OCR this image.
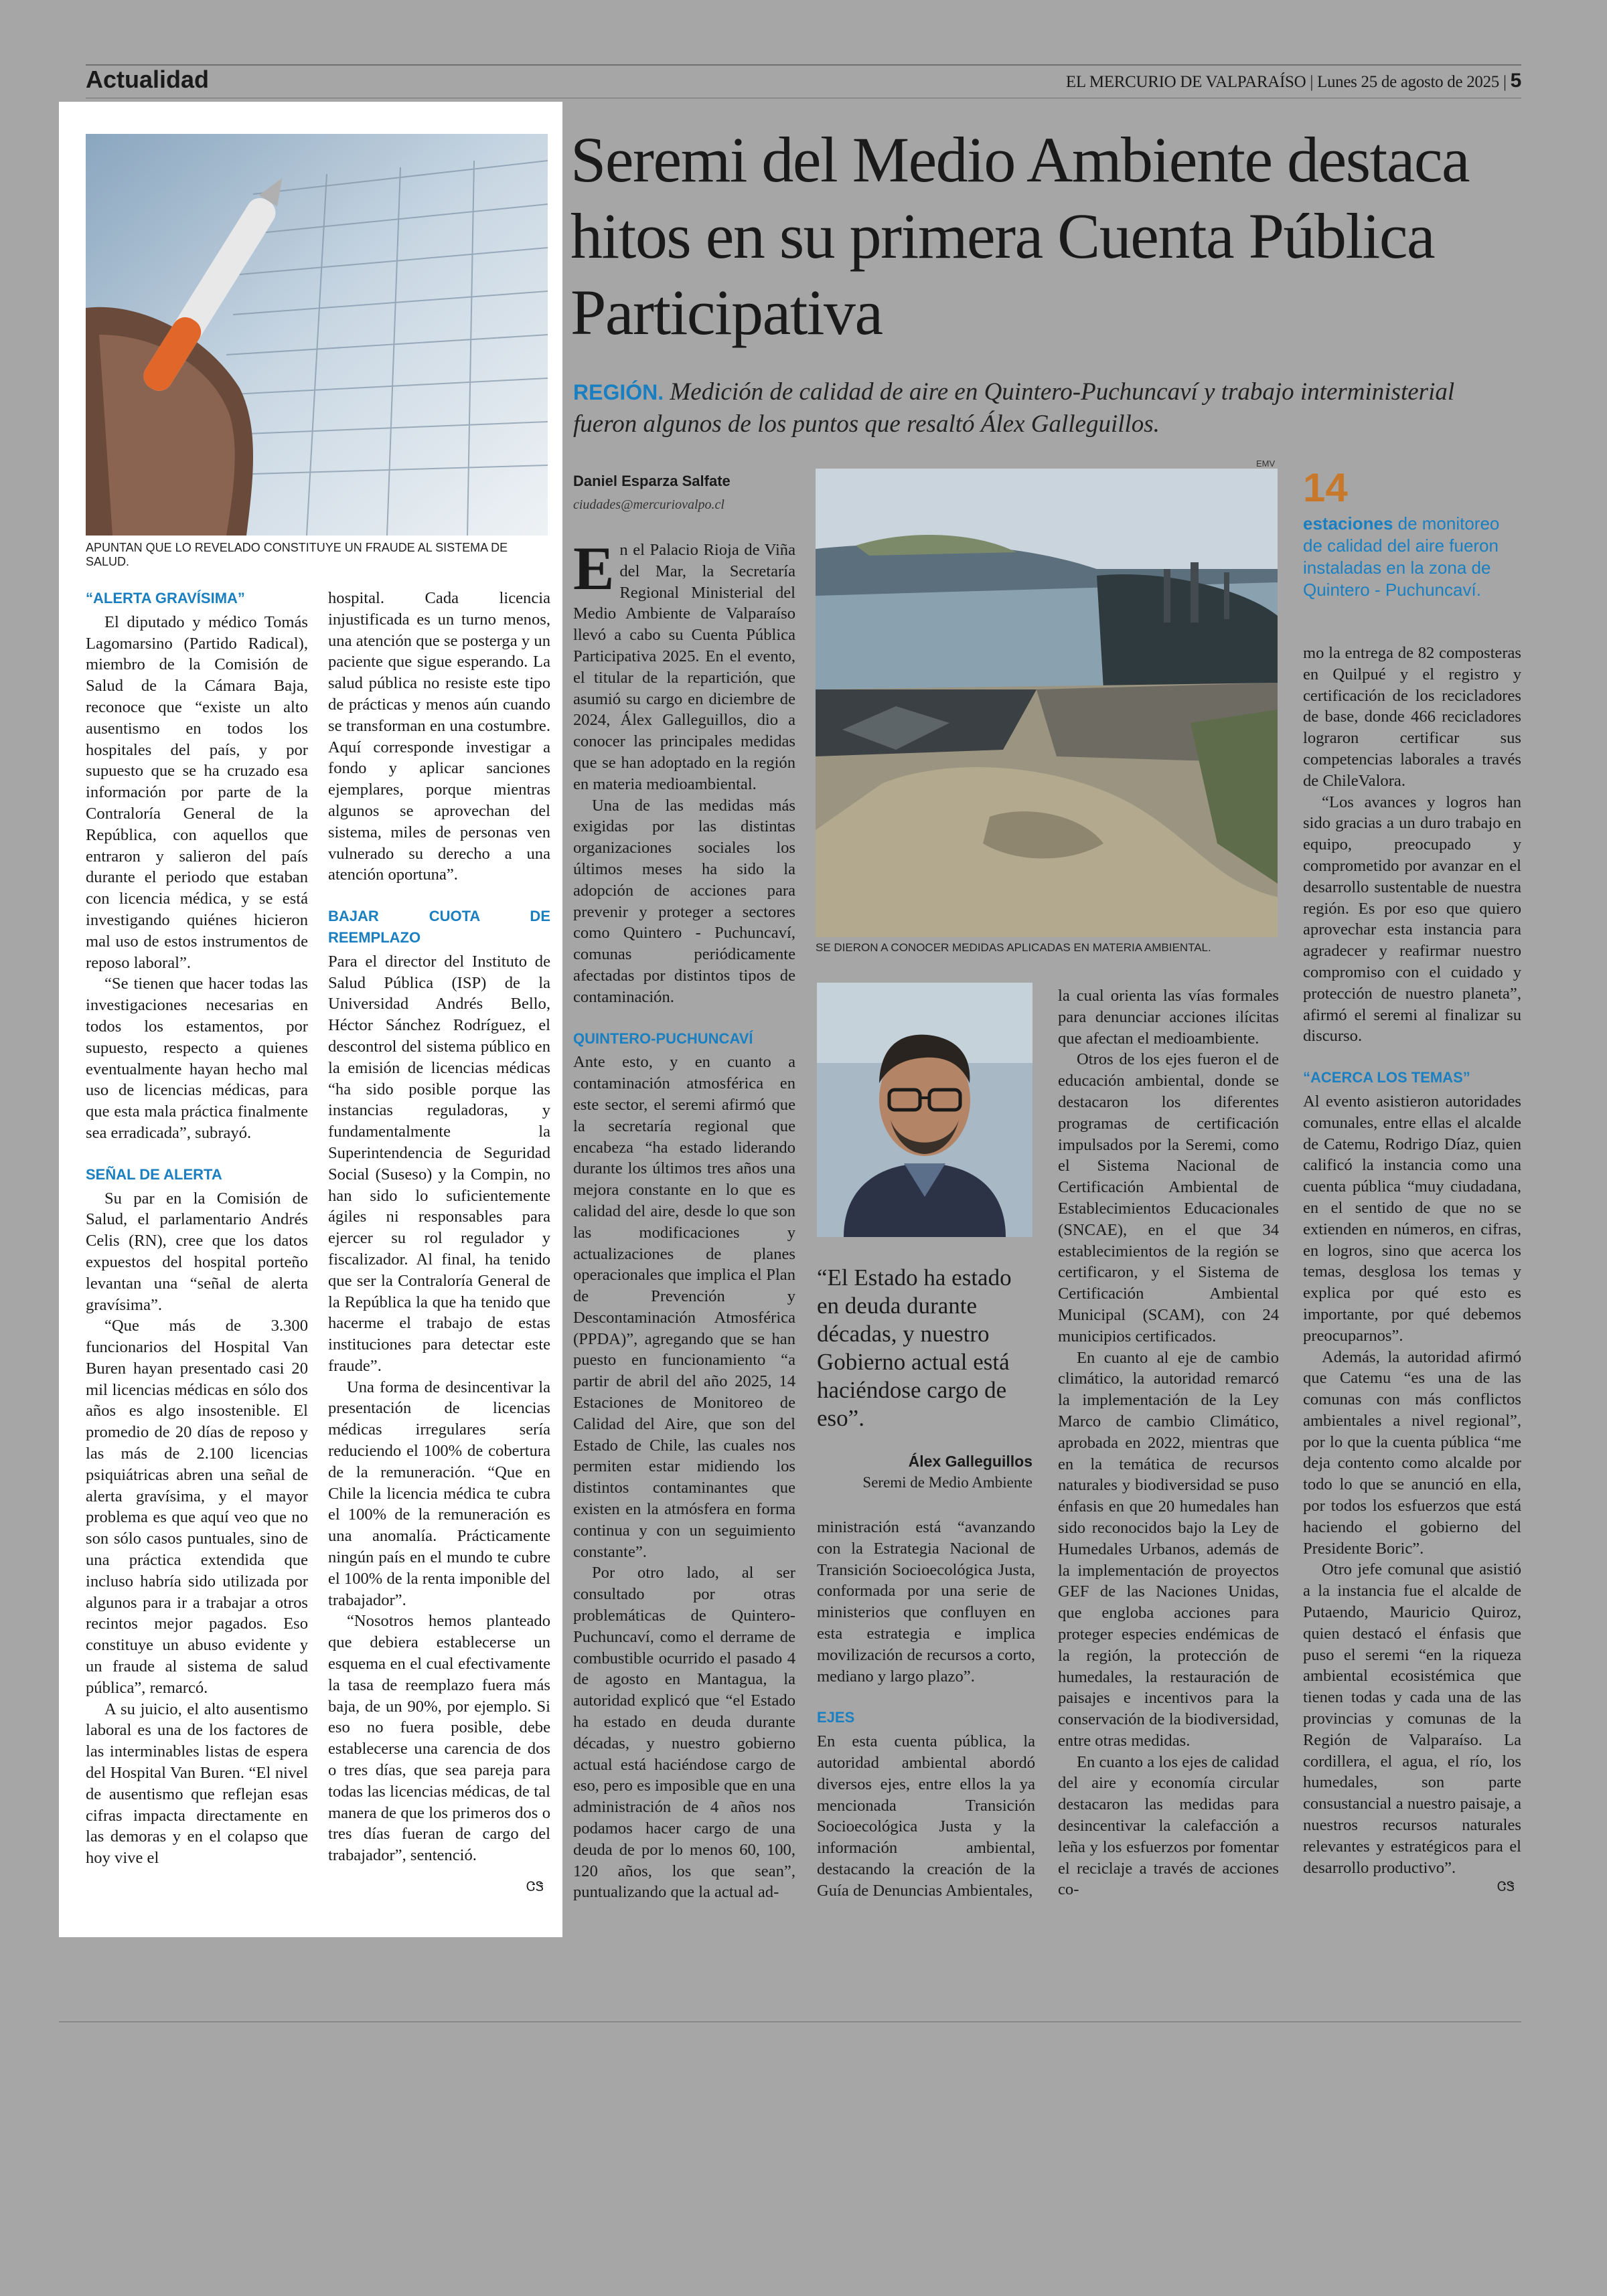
Actualidad	EL MERCURIO DE VALPARAÍSO | Lunes 25 de agosto de 2025 | 5
APUNTAN QUE LO REVELADO CONSTITUYE UN FRAUDE AL SISTEMA DE SALUD.
“ALERTA GRAVÍSIMA”

El diputado y médico Tomás Lagomarsino (Partido Radical), miembro de la Comisión de Salud de la Cámara Baja, reconoce que “existe un alto ausentismo en todos los hospitales del país, y por supuesto que se ha cruzado esa información por parte de la Contraloría General de la República, con aquellos que entraron y salieron del país durante el periodo que estaban con licencia médica, y se está investigando quiénes hicieron mal uso de estos instrumentos de reposo laboral”.

“Se tienen que hacer todas las investigaciones necesarias en todos los estamentos, por supuesto, respecto a quienes eventualmente hayan hecho mal uso de licencias médicas, para que esta mala práctica finalmente sea erradicada”, subrayó.

SEÑAL DE ALERTA

Su par en la Comisión de Salud, el parlamentario Andrés Celis (RN), cree que los datos expuestos del hospital porteño levantan una “señal de alerta gravísima”.

“Que más de 3.300 funcionarios del Hospital Van Buren hayan presentado casi 20 mil licencias médicas en sólo dos años es algo insostenible. El promedio de 20 días de reposo y las más de 2.100 licencias psiquiátricas abren una señal de alerta gravísima, y el mayor problema es que aquí veo que no son sólo casos puntuales, sino de una práctica extendida que incluso habría sido utilizada por algunos para ir a trabajar a otros recintos mejor pagados. Eso constituye un abuso evidente y un fraude al sistema de salud pública”, remarcó.

A su juicio, el alto ausentismo laboral es una de los factores de las interminables listas de espera del Hospital Van Buren. “El nivel de ausentismo que reflejan esas cifras impacta directamente en las demoras y en el colapso que hoy vive el

hospital. Cada licencia injustificada es un turno menos, una atención que se posterga y un paciente que sigue esperando. La salud pública no resiste este tipo de prácticas y menos aún cuando se transforman en una costumbre. Aquí corresponde investigar a fondo y aplicar sanciones ejemplares, porque mientras algunos se aprovechan del sistema, miles de personas ven vulnerado su derecho a una atención oportuna”.

BAJAR CUOTA DE REEMPLAZO

Para el director del Instituto de Salud Pública (ISP) de la Universidad Andrés Bello, Héctor Sánchez Rodríguez, el descontrol del sistema público en la emisión de licencias médicas “ha sido posible porque las instancias reguladoras, y fundamentalmente la Superintendencia de Seguridad Social (Suseso) y la Compin, no han sido lo suficientemente ágiles ni responsables para ejercer su rol regulador y fiscalizador. Al final, ha tenido que ser la Contraloría General de la República la que ha tenido que hacerme el trabajo de estas instituciones para detectar este fraude”.

Una forma de desincentivar la presentación de licencias médicas irregulares sería reduciendo el 100% de cobertura de la remuneración. “Que en Chile la licencia médica te cubra el 100% de la remuneración es una anomalía. Prácticamente ningún país en el mundo te cubre el 100% de la renta imponible del trabajador”.

“Nosotros hemos planteado que debiera establecerse un esquema en el cual efectivamente la tasa de reemplazo fuera más baja, de un 90%, por ejemplo. Si eso no fuera posible, debe establecerse una carencia de dos o tres días, que sea pareja para todas las licencias médicas, de tal manera de que los primeros dos o tres días fueran de cargo del trabajador”, sentenció.

ᏣᏕ
Seremi del Medio Ambiente destaca hitos en su primera Cuenta Pública Participativa
REGIÓN. Medición de calidad de aire en Quintero-Puchuncaví y trabajo interministerial fueron algunos de los puntos que resaltó Álex Galleguillos.
Daniel Esparza Salfate
ciudades@mercuriovalpo.cl
EMV
SE DIERON A CONOCER MEDIDAS APLICADAS EN MATERIA AMBIENTAL.
14
estaciones de monitoreo de calidad del aire fueron instaladas en la zona de Quintero - Puchuncaví.

En el Palacio Rioja de Viña del Mar, la Secretaría Regional Ministerial del Medio Ambiente de Valparaíso llevó a cabo su Cuenta Pública Participativa 2025. En el evento, el titular de la repartición, que asumió su cargo en diciembre de 2024, Álex Galleguillos, dio a conocer las principales medidas que se han adoptado en la región en materia medioambiental.

Una de las medidas más exigidas por las distintas organizaciones sociales los últimos meses ha sido la adopción de acciones para prevenir y proteger a sectores como Quintero - Puchuncaví, comunas periódicamente afectadas por distintos tipos de contaminación.

QUINTERO-PUCHUNCAVÍ

Ante esto, y en cuanto a contaminación atmosférica en este sector, el seremi afirmó que la secretaría regional que encabeza “ha estado liderando durante los últimos tres años una mejora constante en lo que es calidad del aire, desde lo que son las modificaciones y actualizaciones de planes operacionales que implica el Plan de Prevención y Descontaminación Atmosférica (PPDA)”, agregando que se han puesto en funcionamiento “a partir de abril del año 2025, 14 Estaciones de Monitoreo de Calidad del Aire, que son del Estado de Chile, las cuales nos permiten estar midiendo los distintos contaminantes que existen en la atmósfera en forma continua y con un seguimiento constante”.

Por otro lado, al ser consultado por otras problemáticas de Quintero-Puchuncaví, como el derrame de combustible ocurrido el pasado 4 de agosto en Mantagua, la autoridad explicó que “el Estado ha estado en deuda durante décadas, y nuestro gobierno actual está haciéndose cargo de eso, pero es imposible que en una administración de 4 años nos podamos hacer cargo de una deuda de por lo menos 60, 100, 120 años, los que sean”, puntualizando que la actual ad-

“El Estado ha estado en deuda durante décadas, y nuestro Gobierno actual está haciéndose cargo de eso”.
Álex Galleguillos
Seremi de Medio Ambiente

ministración está “avanzando con la Estrategia Nacional de Transición Socioecológica Justa, conformada por una serie de ministerios que confluyen en esta estrategia e implica movilización de recursos a corto, mediano y largo plazo”.

EJES

En esta cuenta pública, la autoridad ambiental abordó diversos ejes, entre ellos la ya mencionada Transición Socioecológica Justa y la información ambiental, destacando la creación de la Guía de Denuncias Ambientales,

la cual orienta las vías formales para denunciar acciones ilícitas que afectan el medioambiente.

Otros de los ejes fueron el de educación ambiental, donde se destacaron los diferentes programas de certificación impulsados por la Seremi, como el Sistema Nacional de Certificación Ambiental de Establecimientos Educacionales (SNCAE), en el que 34 establecimientos de la región se certificaron, y el Sistema de Certificación Ambiental Municipal (SCAM), con 24 municipios certificados.

En cuanto al eje de cambio climático, la autoridad remarcó la implementación de la Ley Marco de cambio Climático, aprobada en 2022, mientras que en la temática de recursos naturales y biodiversidad se puso énfasis en que 20 humedales han sido reconocidos bajo la Ley de Humedales Urbanos, además de la implementación de proyectos GEF de las Naciones Unidas, que engloba acciones para proteger especies endémicas de la región, la protección de humedales, la restauración de paisajes e incentivos para la conservación de la biodiversidad, entre otras medidas.

En cuanto a los ejes de calidad del aire y economía circular destacaron las medidas para desincentivar la calefacción a leña y los esfuerzos por fomentar el reciclaje a través de acciones co-

mo la entrega de 82 composteras en Quilpué y el registro y certificación de los recicladores de base, donde 466 recicladores lograron certificar sus competencias laborales a través de ChileValora.

“Los avances y logros han sido gracias a un duro trabajo en equipo, preocupado y comprometido por avanzar en el desarrollo sustentable de nuestra región. Es por eso que quiero aprovechar esta instancia para agradecer y reafirmar nuestro compromiso con el cuidado y protección de nuestro planeta”, afirmó el seremi al finalizar su discurso.

“ACERCA LOS TEMAS”

Al evento asistieron autoridades comunales, entre ellas el alcalde de Catemu, Rodrigo Díaz, quien calificó la instancia como una cuenta pública “muy ciudadana, en el sentido de que no se extienden en números, en cifras, en logros, sino que acerca los temas, desglosa los temas y explica por qué esto es importante, por qué debemos preocuparnos”.

Además, la autoridad afirmó que Catemu “es una de las comunas con más conflictos ambientales a nivel regional”, por lo que la cuenta pública “me deja contento como alcalde por todo lo que se anunció en ella, por todos los esfuerzos que está haciendo el gobierno del Presidente Boric”.

Otro jefe comunal que asistió a la instancia fue el alcalde de Putaendo, Mauricio Quiroz, quien destacó el énfasis que puso el seremi “en la riqueza ambiental ecosistémica que tienen todas y cada una de las provincias y comunas de la Región de Valparaíso. La cordillera, el agua, el río, los humedales, son parte consustancial a nuestro paisaje, a nuestros recursos naturales relevantes y estratégicos para el desarrollo productivo”.

ᏣᏕ
